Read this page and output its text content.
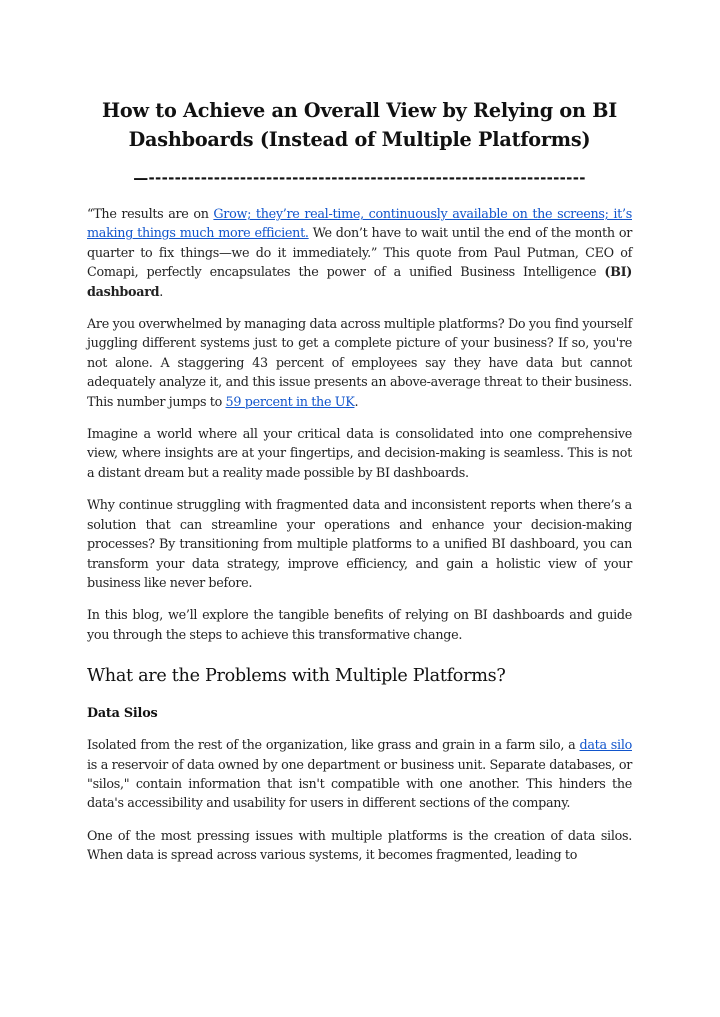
How to Achieve an Overall View by Relying on BI Dashboards (Instead of Multiple Platforms)
—-------------------------------------------------------------------

“The results are on Grow; they’re real-time, continuously available on the screens; it’s making things much more efficient. We don’t have to wait until the end of the month or quarter to fix things—we do it immediately.” This quote from Paul Putman, CEO of Comapi, perfectly encapsulates the power of a unified Business Intelligence (BI) dashboard.

Are you overwhelmed by managing data across multiple platforms? Do you find yourself juggling different systems just to get a complete picture of your business? If so, you're not alone. A staggering 43 percent of employees say they have data but cannot adequately analyze it, and this issue presents an above-average threat to their business. This number jumps to 59 percent in the UK.

Imagine a world where all your critical data is consolidated into one comprehensive view, where insights are at your fingertips, and decision-making is seamless. This is not a distant dream but a reality made possible by BI dashboards.

Why continue struggling with fragmented data and inconsistent reports when there’s a solution that can streamline your operations and enhance your decision-making processes? By transitioning from multiple platforms to a unified BI dashboard, you can transform your data strategy, improve efficiency, and gain a holistic view of your business like never before.

In this blog, we’ll explore the tangible benefits of relying on BI dashboards and guide you through the steps to achieve this transformative change.

What are the Problems with Multiple Platforms?
Data Silos

Isolated from the rest of the organization, like grass and grain in a farm silo, a data silo is a reservoir of data owned by one department or business unit. Separate databases, or "silos," contain information that isn't compatible with one another. This hinders the data's accessibility and usability for users in different sections of the company.

One of the most pressing issues with multiple platforms is the creation of data silos. When data is spread across various systems, it becomes fragmented, leading to
